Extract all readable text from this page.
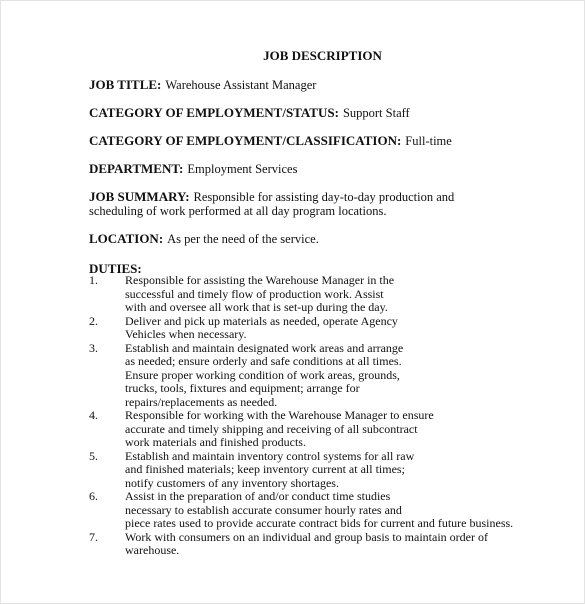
JOB DESCRIPTION
JOB TITLE: Warehouse Assistant Manager
CATEGORY OF EMPLOYMENT/STATUS: Support Staff
CATEGORY OF EMPLOYMENT/CLASSIFICATION: Full-time
DEPARTMENT: Employment Services
JOB SUMMARY: Responsible for assisting day-to-day production and scheduling of work performed at all day program locations.
LOCATION: As per the need of the service.
DUTIES:
1.	Responsible for assisting the Warehouse Manager in the
successful and timely flow of production work. Assist
with and oversee all work that is set-up during the day.
2.	Deliver and pick up materials as needed, operate Agency
Vehicles when necessary.
3.	Establish and maintain designated work areas and arrange
as needed; ensure orderly and safe conditions at all times.
Ensure proper working condition of work areas, grounds,
trucks, tools, fixtures and equipment; arrange for
repairs/replacements as needed.
4.	Responsible for working with the Warehouse Manager to ensure
accurate and timely shipping and receiving of all subcontract
work materials and finished products.
5.	Establish and maintain inventory control systems for all raw
and finished materials; keep inventory current at all times;
notify customers of any inventory shortages.
6.	Assist in the preparation of and/or conduct time studies
necessary to establish accurate consumer hourly rates and
piece rates used to provide accurate contract bids for current and future business.
7.	Work with consumers on an individual and group basis to maintain order of
warehouse.
